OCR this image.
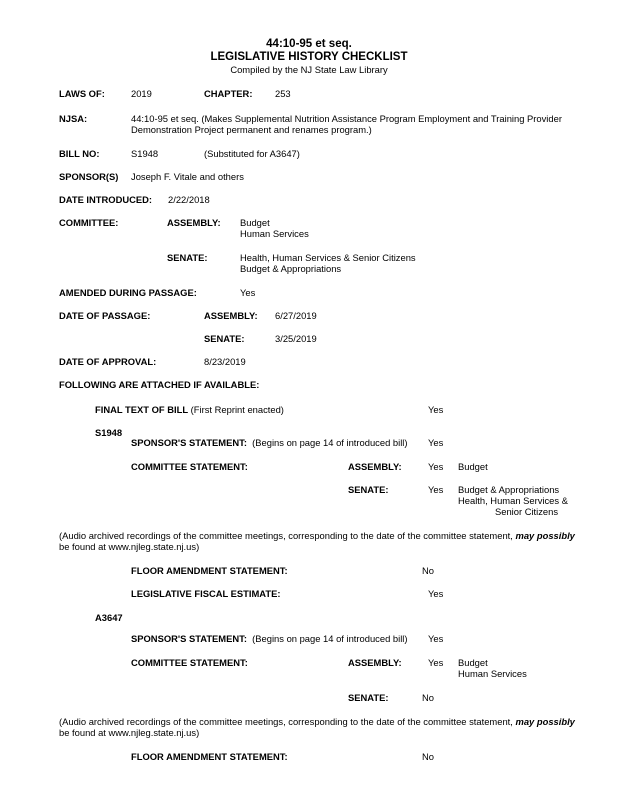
44:10-95 et seq.
LEGISLATIVE HISTORY CHECKLIST
Compiled by the NJ State Law Library
LAWS OF:	2019	CHAPTER: 253
NJSA:	44:10-95 et seq. (Makes Supplemental Nutrition Assistance Program Employment and Training Provider
Demonstration Project permanent and renames program.)
BILL NO:	S1948	(Substituted for A3647)
SPONSOR(S) Joseph F. Vitale and others
DATE INTRODUCED: 2/22/2018
COMMITTEE:	ASSEMBLY: Budget
Human Services
SENATE:	Health, Human Services & Senior Citizens
Budget & Appropriations
AMENDED DURING PASSAGE:	Yes
DATE OF PASSAGE:	ASSEMBLY: 6/27/2019
SENATE:	3/25/2019
DATE OF APPROVAL:	8/23/2019
FOLLOWING ARE ATTACHED IF AVAILABLE:
FINAL TEXT OF BILL (First Reprint enacted)	Yes
S1948
SPONSOR'S STATEMENT: (Begins on page 14 of introduced bill) Yes
COMMITTEE STATEMENT:	ASSEMBLY:	Yes Budget
SENATE:	Yes Budget & Appropriations
Health, Human Services &
Senior Citizens
(Audio archived recordings of the committee meetings, corresponding to the date of the committee statement, may possibly
be found at www.njleg.state.nj.us)
FLOOR AMENDMENT STATEMENT:	No
LEGISLATIVE FISCAL ESTIMATE:	Yes
A3647
SPONSOR'S STATEMENT: (Begins on page 14 of introduced bill) Yes
COMMITTEE STATEMENT:	ASSEMBLY:	Yes Budget
Human Services
SENATE:	No
(Audio archived recordings of the committee meetings, corresponding to the date of the committee statement, may possibly
be found at www.njleg.state.nj.us)
FLOOR AMENDMENT STATEMENT:	No
